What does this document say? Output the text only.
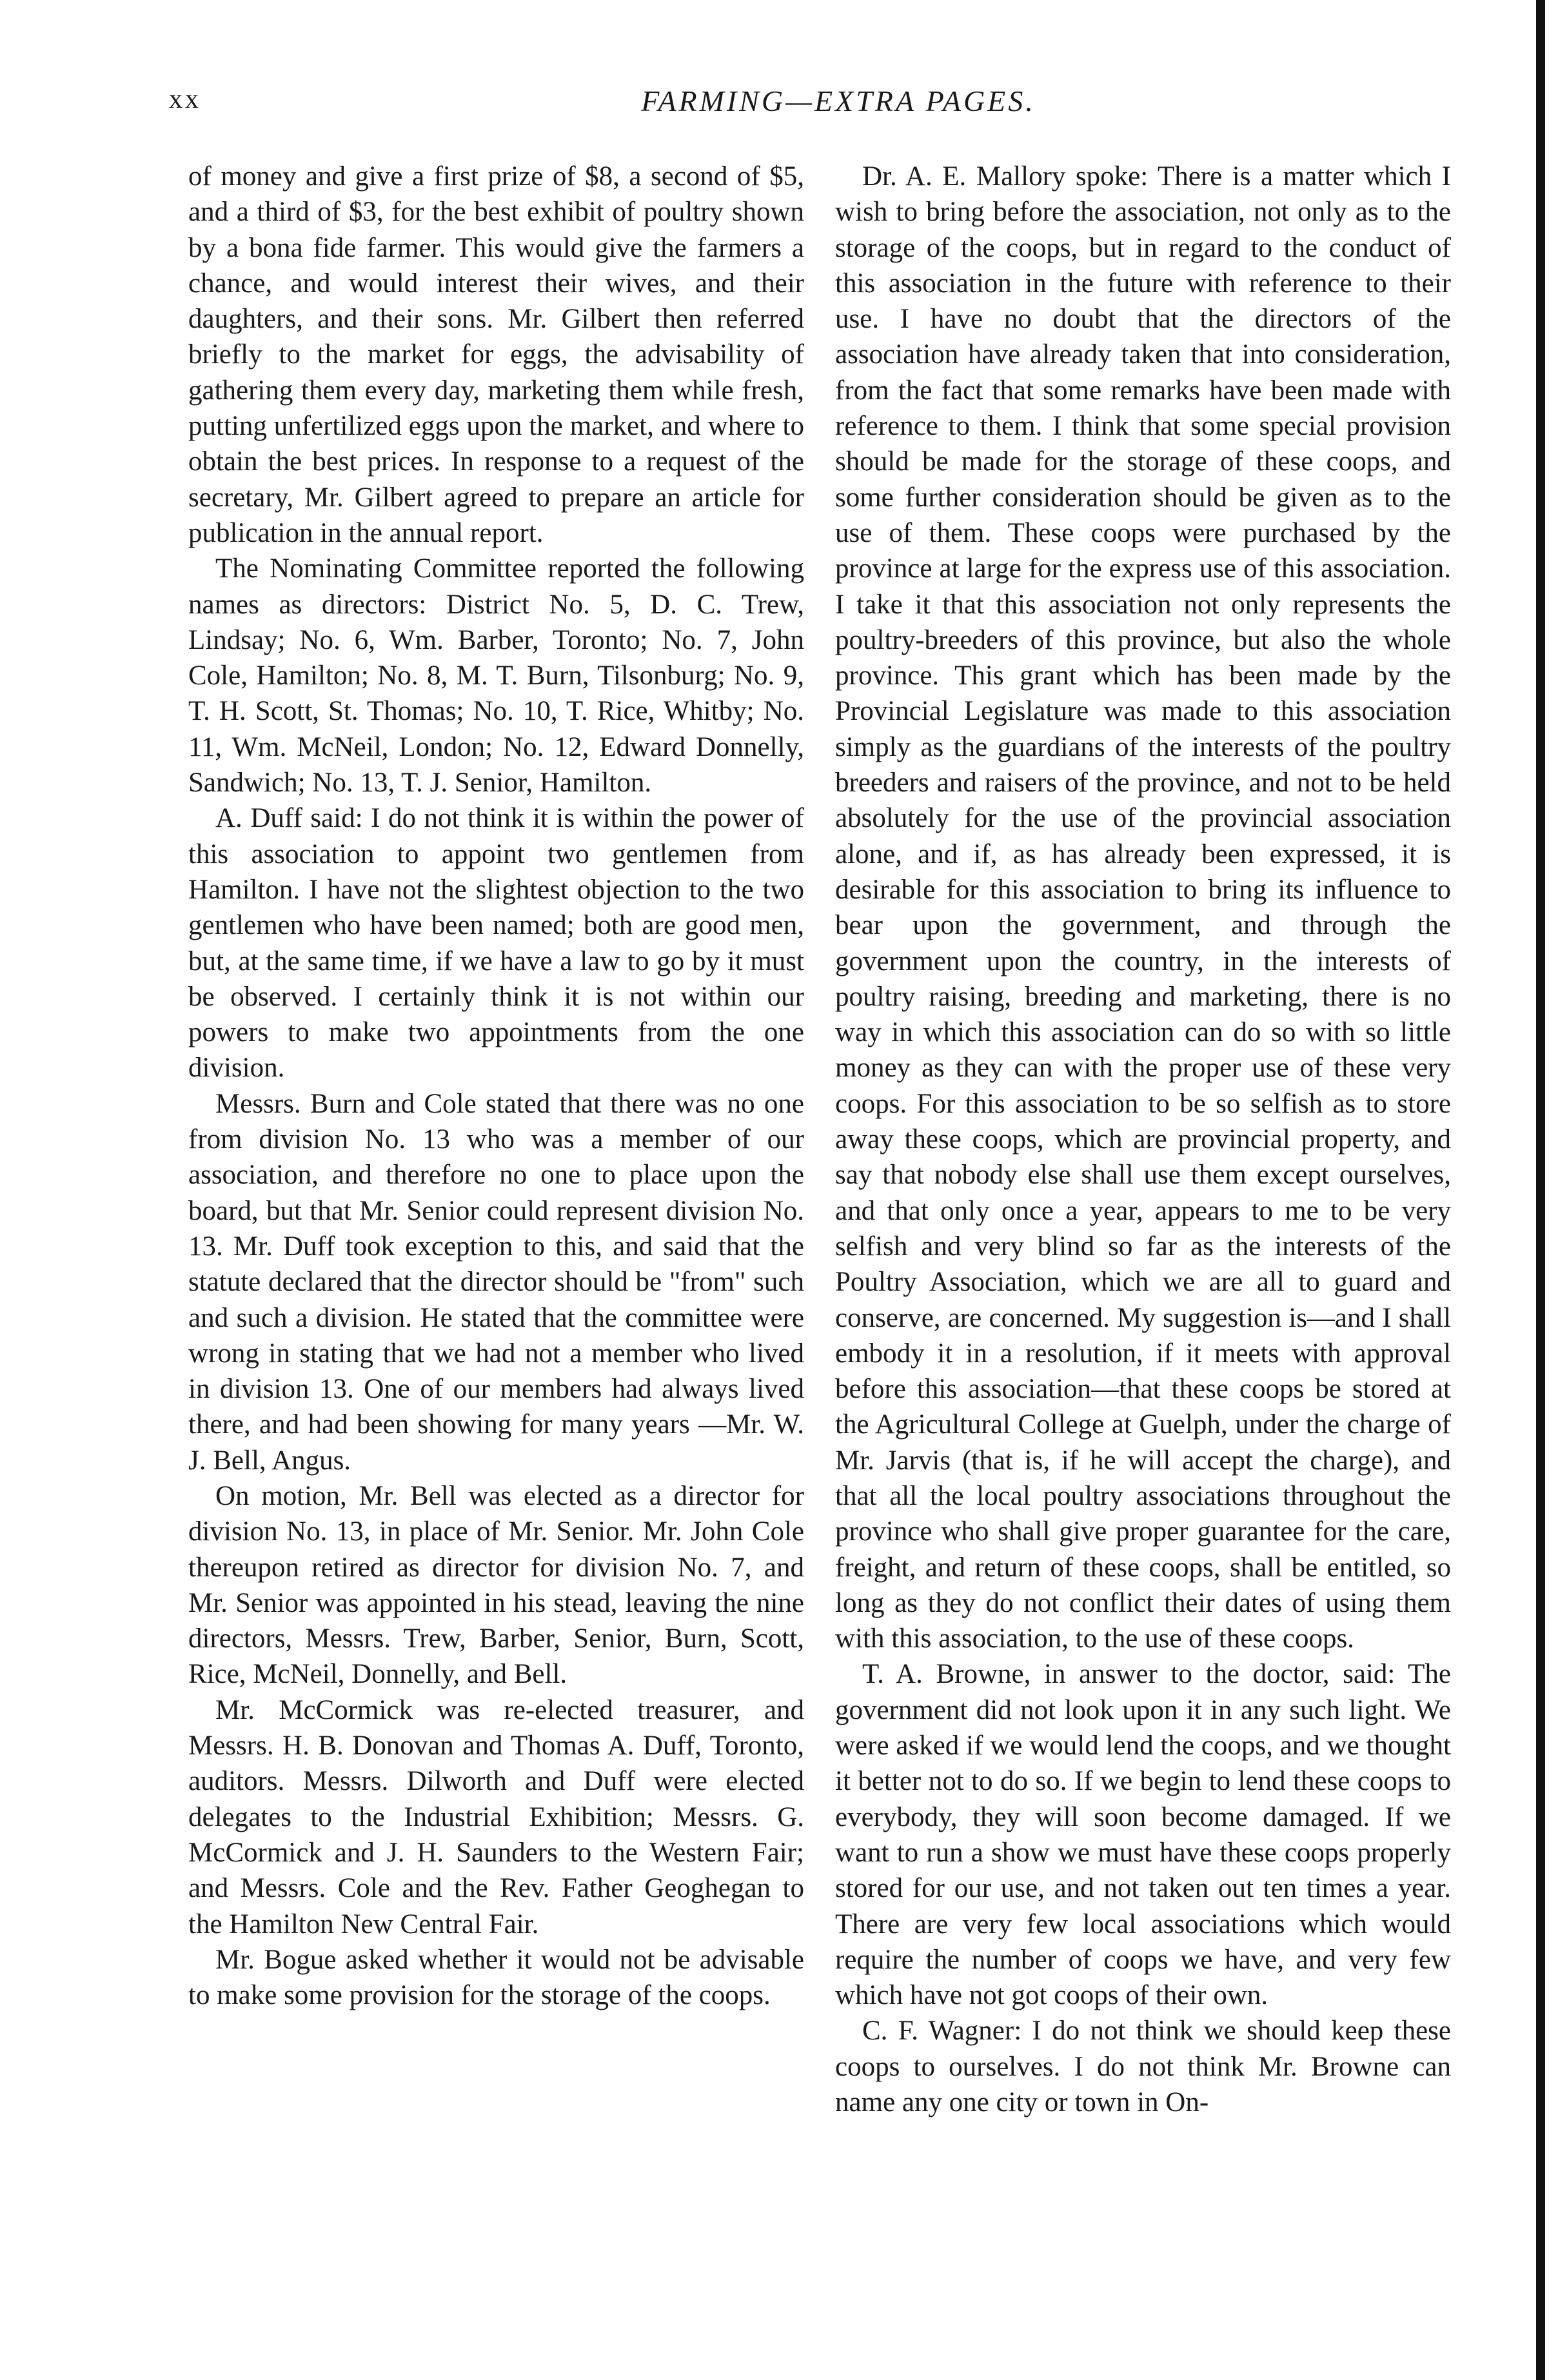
xx	FARMING—EXTRA PAGES.

of money and give a first prize of $8, a second of $5, and a third of $3, for the best exhibit of poultry shown by a bona fide farmer. This would give the farmers a chance, and would interest their wives, and their daughters, and their sons. Mr. Gilbert then referred briefly to the market for eggs, the advisability of gathering them every day, marketing them while fresh, putting unfertilized eggs upon the market, and where to obtain the best prices. In response to a request of the secretary, Mr. Gilbert agreed to prepare an article for publication in the annual report.

The Nominating Committee reported the following names as directors: District No. 5, D. C. Trew, Lindsay; No. 6, Wm. Barber, Toronto; No. 7, John Cole, Hamilton; No. 8, M. T. Burn, Tilsonburg; No. 9, T. H. Scott, St. Thomas; No. 10, T. Rice, Whitby; No. 11, Wm. McNeil, London; No. 12, Edward Donnelly, Sandwich; No. 13, T. J. Senior, Hamilton.

A. Duff said: I do not think it is within the power of this association to appoint two gentlemen from Hamilton. I have not the slightest objection to the two gentlemen who have been named; both are good men, but, at the same time, if we have a law to go by it must be observed. I certainly think it is not within our powers to make two appointments from the one division.

Messrs. Burn and Cole stated that there was no one from division No. 13 who was a member of our association, and therefore no one to place upon the board, but that Mr. Senior could represent division No. 13. Mr. Duff took exception to this, and said that the statute declared that the director should be "from" such and such a division. He stated that the committee were wrong in stating that we had not a member who lived in division 13. One of our members had always lived there, and had been showing for many years —Mr. W. J. Bell, Angus.

On motion, Mr. Bell was elected as a director for division No. 13, in place of Mr. Senior. Mr. John Cole thereupon retired as director for division No. 7, and Mr. Senior was appointed in his stead, leaving the nine directors, Messrs. Trew, Barber, Senior, Burn, Scott, Rice, McNeil, Donnelly, and Bell.

Mr. McCormick was re-elected treasurer, and Messrs. H. B. Donovan and Thomas A. Duff, Toronto, auditors. Messrs. Dilworth and Duff were elected delegates to the Industrial Exhibition; Messrs. G. McCormick and J. H. Saunders to the Western Fair; and Messrs. Cole and the Rev. Father Geoghegan to the Hamilton New Central Fair.

Mr. Bogue asked whether it would not be advisable to make some provision for the storage of the coops.

Dr. A. E. Mallory spoke: There is a matter which I wish to bring before the association, not only as to the storage of the coops, but in regard to the conduct of this association in the future with reference to their use. I have no doubt that the directors of the association have already taken that into consideration, from the fact that some remarks have been made with reference to them. I think that some special provision should be made for the storage of these coops, and some further consideration should be given as to the use of them. These coops were purchased by the province at large for the express use of this association. I take it that this association not only represents the poultry-breeders of this province, but also the whole province. This grant which has been made by the Provincial Legislature was made to this association simply as the guardians of the interests of the poultry breeders and raisers of the province, and not to be held absolutely for the use of the provincial association alone, and if, as has already been expressed, it is desirable for this association to bring its influence to bear upon the government, and through the government upon the country, in the interests of poultry raising, breeding and marketing, there is no way in which this association can do so with so little money as they can with the proper use of these very coops. For this association to be so selfish as to store away these coops, which are provincial property, and say that nobody else shall use them except ourselves, and that only once a year, appears to me to be very selfish and very blind so far as the interests of the Poultry Association, which we are all to guard and conserve, are concerned. My suggestion is—and I shall embody it in a resolution, if it meets with approval before this association—that these coops be stored at the Agricultural College at Guelph, under the charge of Mr. Jarvis (that is, if he will accept the charge), and that all the local poultry associations throughout the province who shall give proper guarantee for the care, freight, and return of these coops, shall be entitled, so long as they do not conflict their dates of using them with this association, to the use of these coops.

T. A. Browne, in answer to the doctor, said: The government did not look upon it in any such light. We were asked if we would lend the coops, and we thought it better not to do so. If we begin to lend these coops to everybody, they will soon become damaged. If we want to run a show we must have these coops properly stored for our use, and not taken out ten times a year. There are very few local associations which would require the number of coops we have, and very few which have not got coops of their own.

C. F. Wagner: I do not think we should keep these coops to ourselves. I do not think Mr. Browne can name any one city or town in On-
